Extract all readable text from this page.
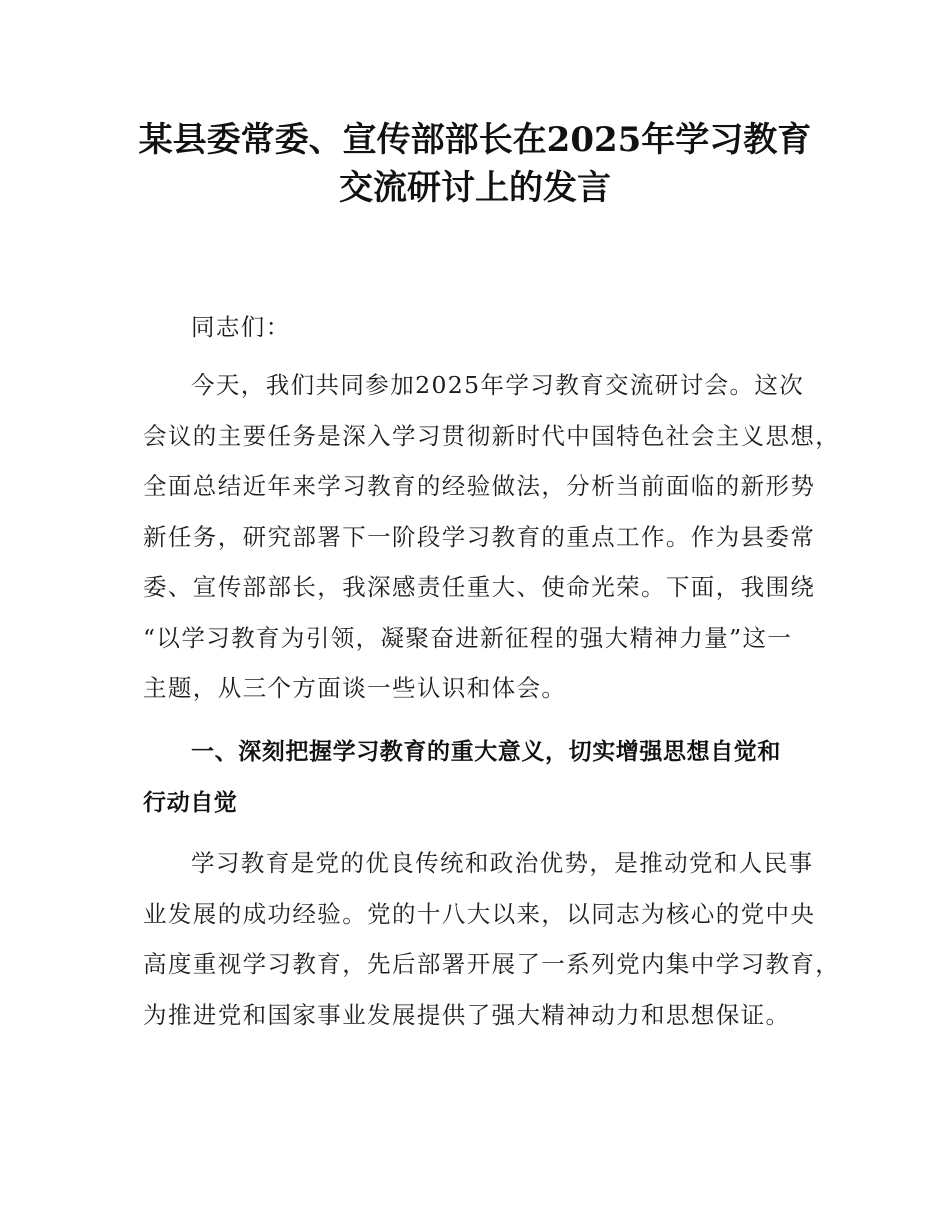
某县委常委、宣传部部长在2025年学习教育
交流研讨上的发言

同志们：

今天，我们共同参加2025年学习教育交流研讨会。这次
会议的主要任务是深入学习贯彻新时代中国特色社会主义思想，
全面总结近年来学习教育的经验做法，分析当前面临的新形势
新任务，研究部署下一阶段学习教育的重点工作。作为县委常
委、宣传部部长，我深感责任重大、使命光荣。下面，我围绕
“以学习教育为引领，凝聚奋进新征程的强大精神力量”这一
主题，从三个方面谈一些认识和体会。

一、深刻把握学习教育的重大意义，切实增强思想自觉和
行动自觉

学习教育是党的优良传统和政治优势，是推动党和人民事
业发展的成功经验。党的十八大以来，以同志为核心的党中央
高度重视学习教育，先后部署开展了一系列党内集中学习教育，
为推进党和国家事业发展提供了强大精神动力和思想保证。
